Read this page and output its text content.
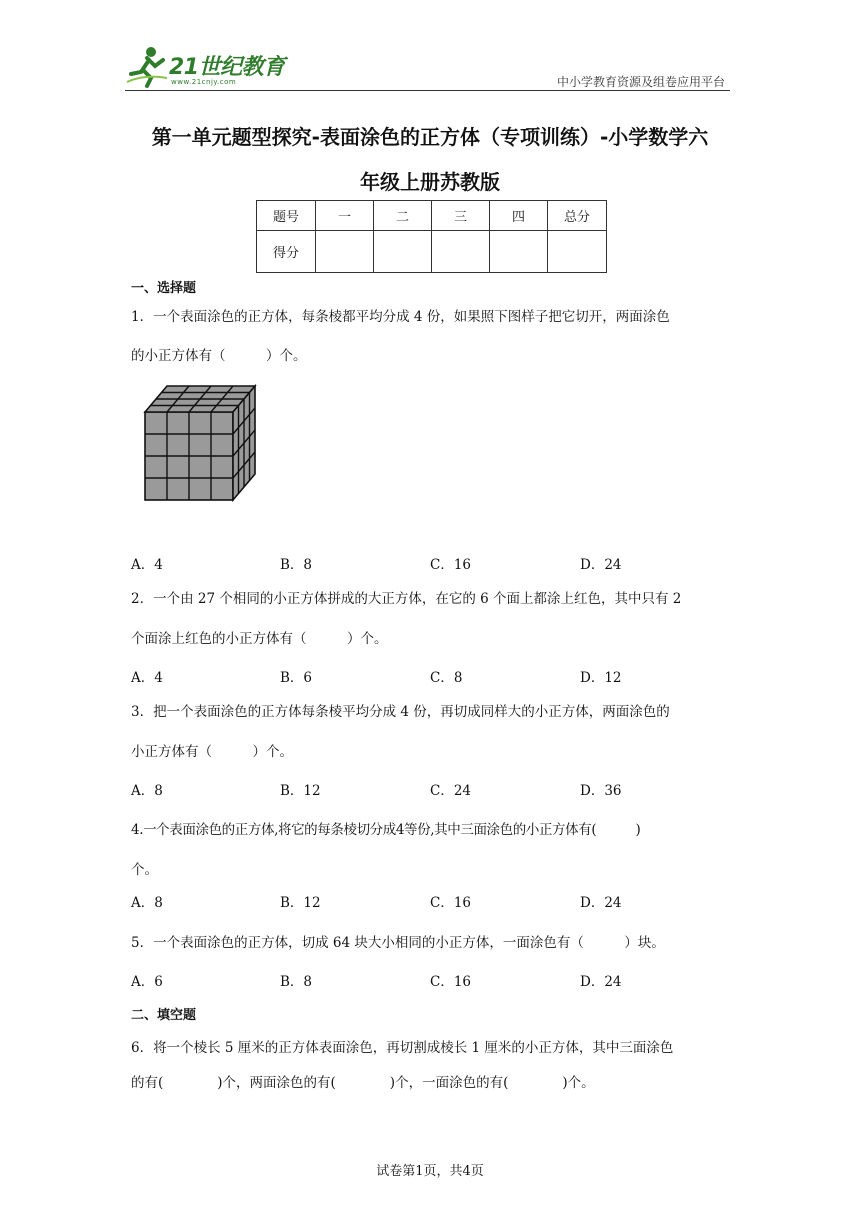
21世纪教育
www.21cnjy.com	中小学教育资源及组卷应用平台
第一单元题型探究-表面涂色的正方体（专项训练）-小学数学六
年级上册苏教版
题号	一	二	三	四	总分
得分					
一、选择题
1．一个表面涂色的正方体，每条棱都平均分成 4 份，如果照下图样子把它切开，两面涂色
的小正方体有（　　　）个。
A．4	B．8	C．16	D．24
2．一个由 27 个相同的小正方体拼成的大正方体，在它的 6 个面上都涂上红色，其中只有 2
个面涂上红色的小正方体有（　　　）个。
A．4	B．6	C．8	D．12
3．把一个表面涂色的正方体每条棱平均分成 4 份，再切成同样大的小正方体，两面涂色的
小正方体有（　　　）个。
A．8	B．12	C．24	D．36
4.一个表面涂色的正方体,将它的每条棱切分成4等份,其中三面涂色的小正方体有(　　　)
个。
A．8	B．12	C．16	D．24
5．一个表面涂色的正方体，切成 64 块大小相同的小正方体，一面涂色有（　　　）块。
A．6	B．8	C．16	D．24
二、填空题
6．将一个棱长 5 厘米的正方体表面涂色，再切割成棱长 1 厘米的小正方体，其中三面涂色
的有(　　　　)个，两面涂色的有(　　　　)个，一面涂色的有(　　　　)个。
试卷第1页，共4页
